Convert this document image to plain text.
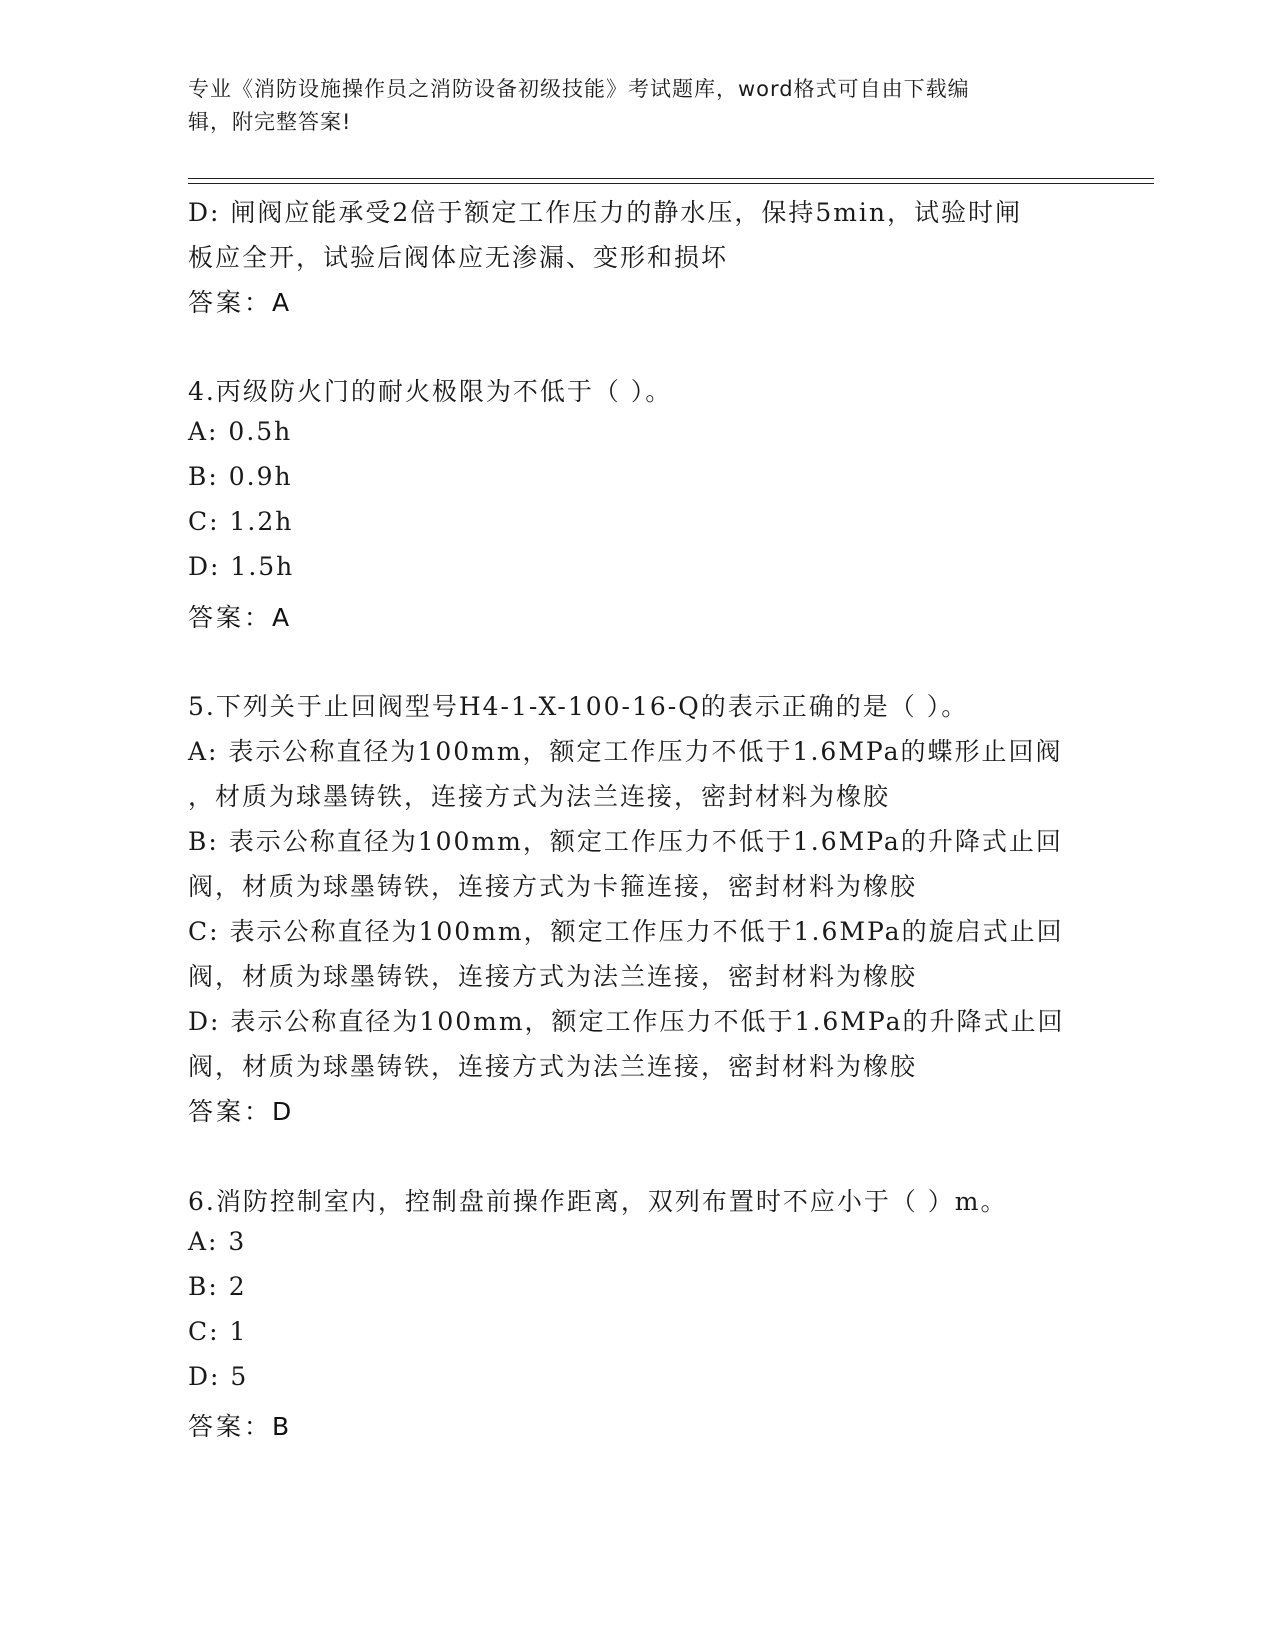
专业《消防设施操作员之消防设备初级技能》考试题库，word格式可自由下载编
辑，附完整答案!
D: 闸阀应能承受2倍于额定工作压力的静水压，保持5min，试验时闸
板应全开，试验后阀体应无渗漏、变形和损坏
答案：A
4.丙级防火门的耐火极限为不低于（ ）。
A: 0.5h
B: 0.9h
C: 1.2h
D: 1.5h
答案：A
5.下列关于止回阀型号H4-1-X-100-16-Q的表示正确的是（ ）。
A: 表示公称直径为100mm，额定工作压力不低于1.6MPa的蝶形止回阀
，材质为球墨铸铁，连接方式为法兰连接，密封材料为橡胶
B: 表示公称直径为100mm，额定工作压力不低于1.6MPa的升降式止回
阀，材质为球墨铸铁，连接方式为卡箍连接，密封材料为橡胶
C: 表示公称直径为100mm，额定工作压力不低于1.6MPa的旋启式止回
阀，材质为球墨铸铁，连接方式为法兰连接，密封材料为橡胶
D: 表示公称直径为100mm，额定工作压力不低于1.6MPa的升降式止回
阀，材质为球墨铸铁，连接方式为法兰连接，密封材料为橡胶
答案：D
6.消防控制室内，控制盘前操作距离，双列布置时不应小于（ ）m。
A: 3
B: 2
C: 1
D: 5
答案：B
